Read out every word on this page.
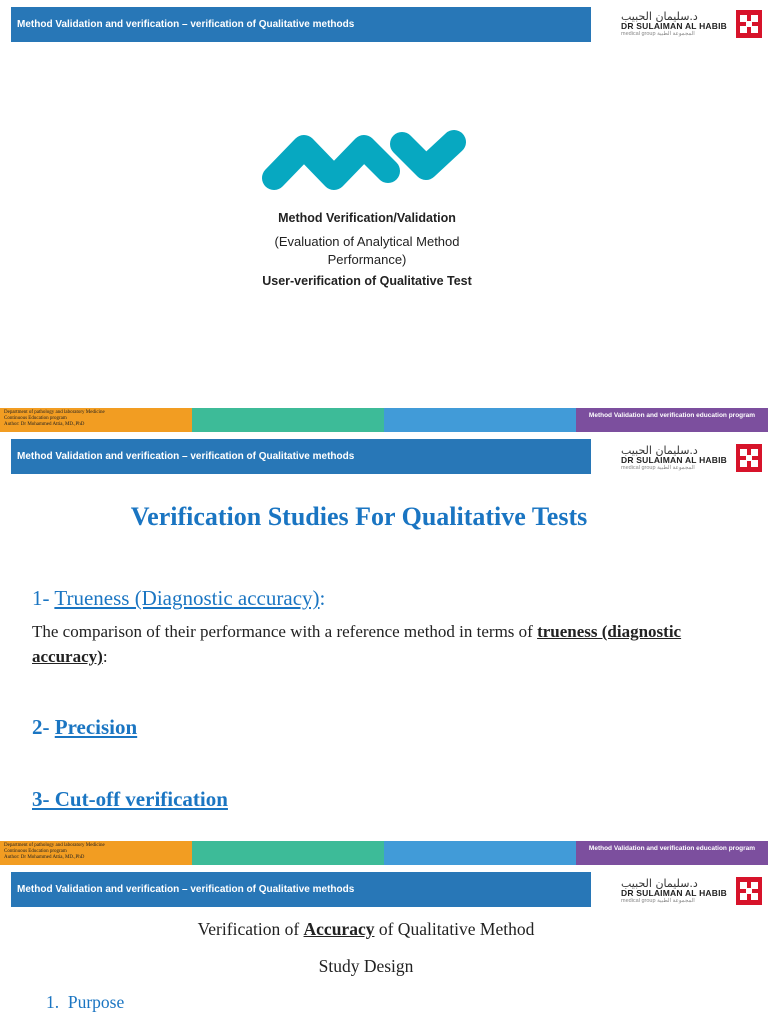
Method Validation and verification – verification of Qualitative methods
د.سليمان الحبيب
DR SULAIMAN AL HABIB
medical group المجموعة الطبية
Method Verification/Validation
(Evaluation of Analytical Method Performance)
User-verification of Qualitative Test
Department of pathology and laboratory Medicine
Continuous Education program
Author: Dr Mohammed Attia, MD.,PhD
Method Validation and verification education program
Method Validation and verification – verification of Qualitative methods	د.سليمان الحبيب
DR SULAIMAN AL HABIB
medical group المجموعة الطبية
Verification Studies For Qualitative Tests
1- Trueness (Diagnostic accuracy):
The comparison of their performance with a reference method in terms of trueness (diagnostic accuracy):
2- Precision
3- Cut-off verification
Department of pathology and laboratory Medicine
Continuous Education program
Author: Dr Mohammed Attia, MD.,PhD
Method Validation and verification education program
Method Validation and verification – verification of Qualitative methods	د.سليمان الحبيب
DR SULAIMAN AL HABIB
medical group المجموعة الطبية
Verification of Accuracy of Qualitative Method
Study Design
1. Purpose
